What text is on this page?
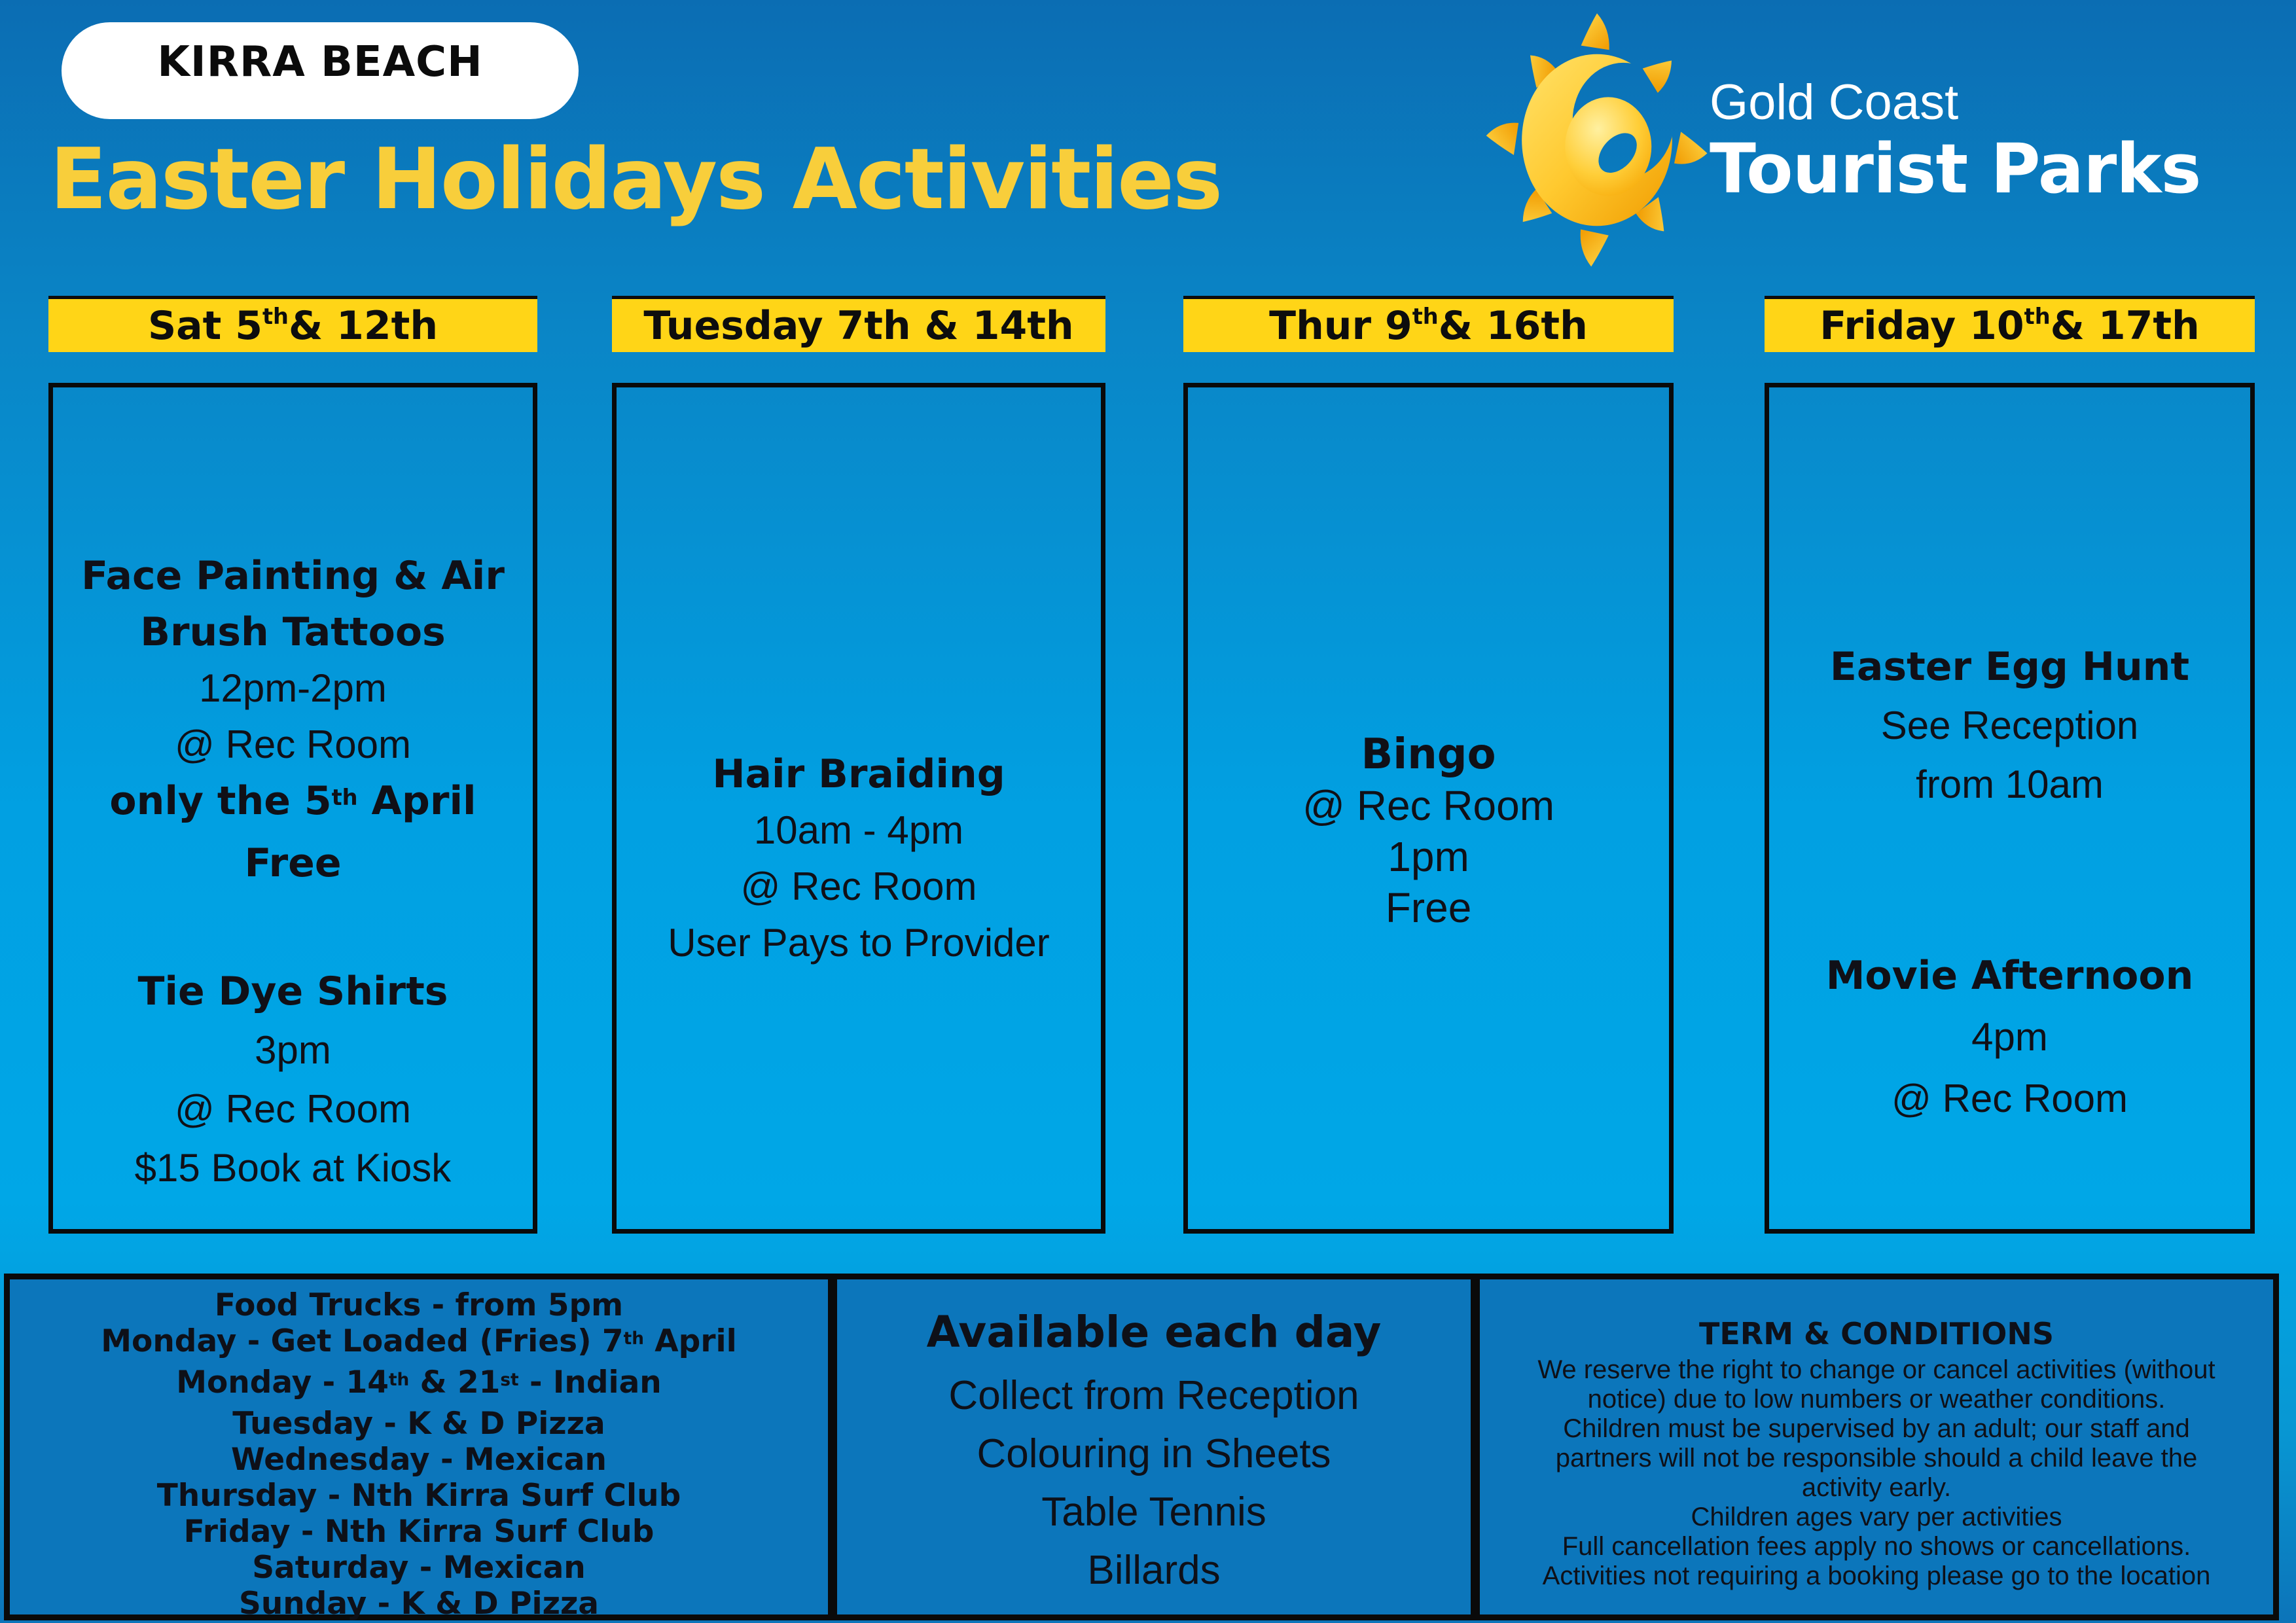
KIRRA BEACH
Easter Holidays Activities
Gold Coast
Tourist Parks
Sat 5th & 12th	Tuesday 7th & 14th	Thur 9th & 16th	Friday 10th & 17th
Face Painting & Air
Brush Tattoos
12pm-2pm
@ Rec Room
only the 5th April
Free
Tie Dye Shirts
3pm
@ Rec Room
$15 Book at Kiosk
Hair Braiding
10am - 4pm
@ Rec Room
User Pays to Provider
Bingo
@ Rec Room
1pm
Free
Easter Egg Hunt
See Reception
from 10am
Movie Afternoon
4pm
@ Rec Room
Food Trucks - from 5pm
Monday - Get Loaded (Fries) 7th April
Monday - 14th & 21st - Indian
Tuesday - K & D Pizza
Wednesday - Mexican
Thursday - Nth Kirra Surf Club
Friday - Nth Kirra Surf Club
Saturday - Mexican
Sunday - K & D Pizza
Available each day
Collect from Reception
Colouring in Sheets
Table Tennis
Billards
TERM & CONDITIONS
We reserve the right to change or cancel activities (without
notice) due to low numbers or weather conditions.
Children must be supervised by an adult; our staff and
partners will not be responsible should a child leave the
activity early.
Children ages vary per activities
Full cancellation fees apply no shows or cancellations.
Activities not requiring a booking please go to the location
